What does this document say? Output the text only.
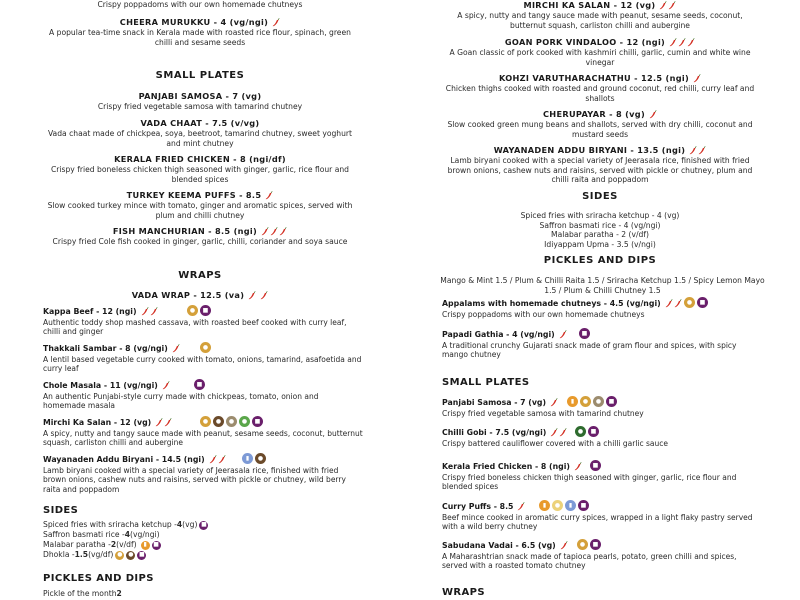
Crispy poppadoms with our own homemade chutneys
CHEERA MURUKKU - 4 (vg/ngi)
A popular tea-time snack in Kerala made with roasted rice flour, spinach, green chilli and sesame seeds
SMALL PLATES
PANJABI SAMOSA - 7 (vg)
Crispy fried vegetable samosa with tamarind chutney
VADA CHAAT - 7.5 (v/vg)
Vada chaat made of chickpea, soya, beetroot, tamarind chutney, sweet yoghurt and mint chutney
KERALA FRIED CHICKEN - 8 (ngi/df)
Crispy fried boneless chicken thigh seasoned with ginger, garlic, rice flour and blended spices
TURKEY KEEMA PUFFS - 8.5
Slow cooked turkey mince with tomato, ginger and aromatic spices, served with plum and chilli chutney
FISH MANCHURIAN - 8.5 (ngi)
Crispy fried Cole fish cooked in ginger, garlic, chilli, coriander and soya sauce
WRAPS
VADA WRAP - 12.5 (va)
Kappa Beef - 12 (ngi)	●	■
Authentic toddy shop mashed cassava, with roasted beef cooked with curry leaf, chilli and ginger
Thakkali Sambar - 8 (vg/ngi)	●
A lentil based vegetable curry cooked with tomato, onions, tamarind, asafoetida and curry leaf
Chole Masala - 11 (vg/ngi)	■
An authentic Punjabi-style curry made with chickpeas, tomato, onion and homemade masala
Mirchi Ka Salan - 12 (vg)	●	●	●	●	■
A spicy, nutty and tangy sauce made with peanut, sesame seeds, coconut, butternut squash, carliston chilli and aubergine
Wayanaden Addu Biryani - 14.5 (ngi)	▮	●
Lamb biryani cooked with a special variety of Jeerasala rice, finished with fried brown onions, cashew nuts and raisins, served with pickle or chutney, wild berry raita and poppadom
SIDES
Spiced fries with sriracha ketchup - 4 (vg) ■
Saffron basmati rice - 4 (vg/ngi)
Malabar paratha - 2 (v/df)	▮	■
Dhokla - 1.5 (vg/df) ● ● ■
PICKLES AND DIPS
Pickle of the month 2
MIRCHI KA SALAN - 12 (vg)
A spicy, nutty and tangy sauce made with peanut, sesame seeds, coconut, butternut squash, carliston chilli and aubergine
GOAN PORK VINDALOO - 12 (ngi)
A Goan classic of pork cooked with kashmiri chilli, garlic, cumin and white wine vinegar
KOHZI VARUTHARACHATHU - 12.5 (ngi)
Chicken thighs cooked with roasted and ground coconut, red chilli, curry leaf and shallots
CHERUPAYAR - 8 (vg)
Slow cooked green mung beans and shallots, served with dry chilli, coconut and mustard seeds
WAYANADEN ADDU BIRYANI - 13.5 (ngi)
Lamb biryani cooked with a special variety of Jeerasala rice, finished with fried brown onions, cashew nuts and raisins, served with pickle or chutney, plum and chilli raita and poppadom
SIDES
Spiced fries with sriracha ketchup - 4 (vg)
Saffron basmati rice - 4 (vg/ngi)
Malabar paratha - 2 (v/df)
Idiyappam Upma - 3.5 (v/ngi)
PICKLES AND DIPS
Mango & Mint 1.5 / Plum & Chilli Raita 1.5 / Sriracha Ketchup 1.5 / Spicy Lemon Mayo 1.5 / Plum & Chilli Chutney 1.5
Appalams with homemade chutneys - 4.5 (vg/ngi)	●	■
Crispy poppadoms with our own homemade chutneys
Papadi Gathia - 4 (vg/ngi)	■
A traditional crunchy Gujarati snack made of gram flour and spices, with spicy mango chutney
SMALL PLATES
Panjabi Samosa - 7 (vg)	▮	●	●	■
Crispy fried vegetable samosa with tamarind chutney
Chilli Gobi - 7.5 (vg/ngi)	●	■
Crispy battered cauliflower covered with a chilli garlic sauce
Kerala Fried Chicken - 8 (ngi)	■
Crispy fried boneless chicken thigh seasoned with ginger, garlic, rice flour and blended spices
Curry Puffs - 8.5	▮	●	▮	■
Beef mince cooked in aromatic curry spices, wrapped in a light flaky pastry served with a wild berry chutney
Sabudana Vadai - 6.5 (vg)	●	■
A Maharashtrian snack made of tapioca pearls, potato, green chilli and spices, served with a roasted tomato chutney
WRAPS
